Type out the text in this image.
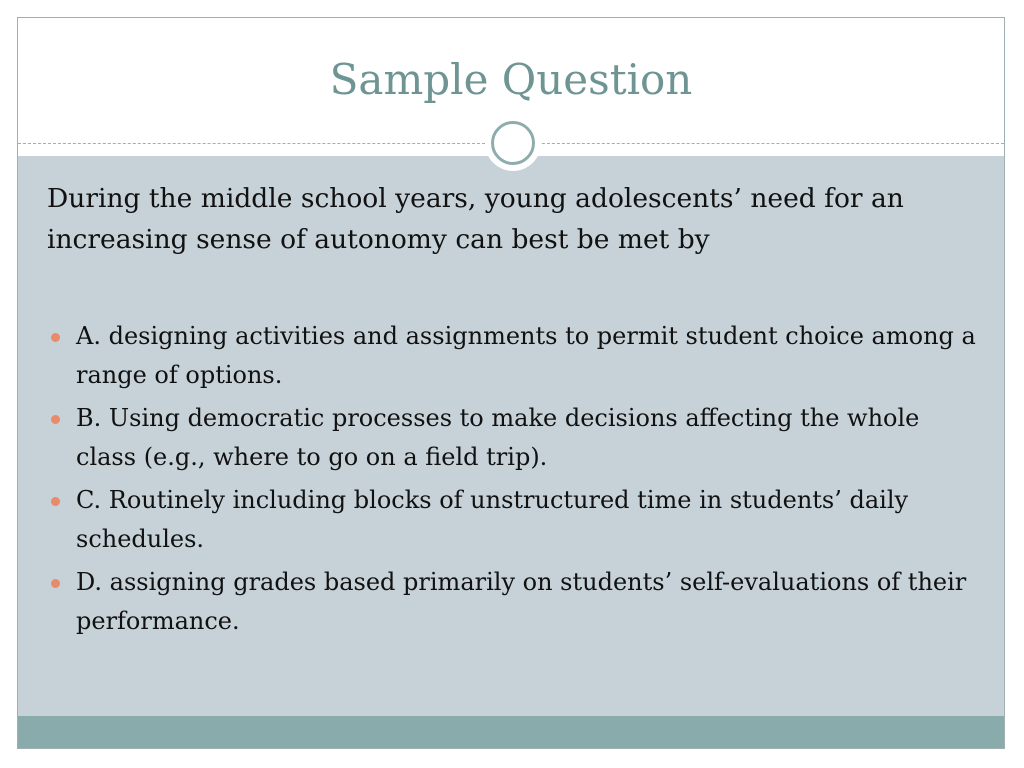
Sample Question
During the middle school years, young adolescents’ need for an increasing sense of autonomy can best be met by
A. designing activities and assignments to permit student choice among a range of options.
B. Using democratic processes to make decisions affecting the whole class (e.g., where to go on a field trip).
C. Routinely including blocks of unstructured time in students’ daily schedules.
D. assigning grades based primarily on students’ self-evaluations of their performance.
